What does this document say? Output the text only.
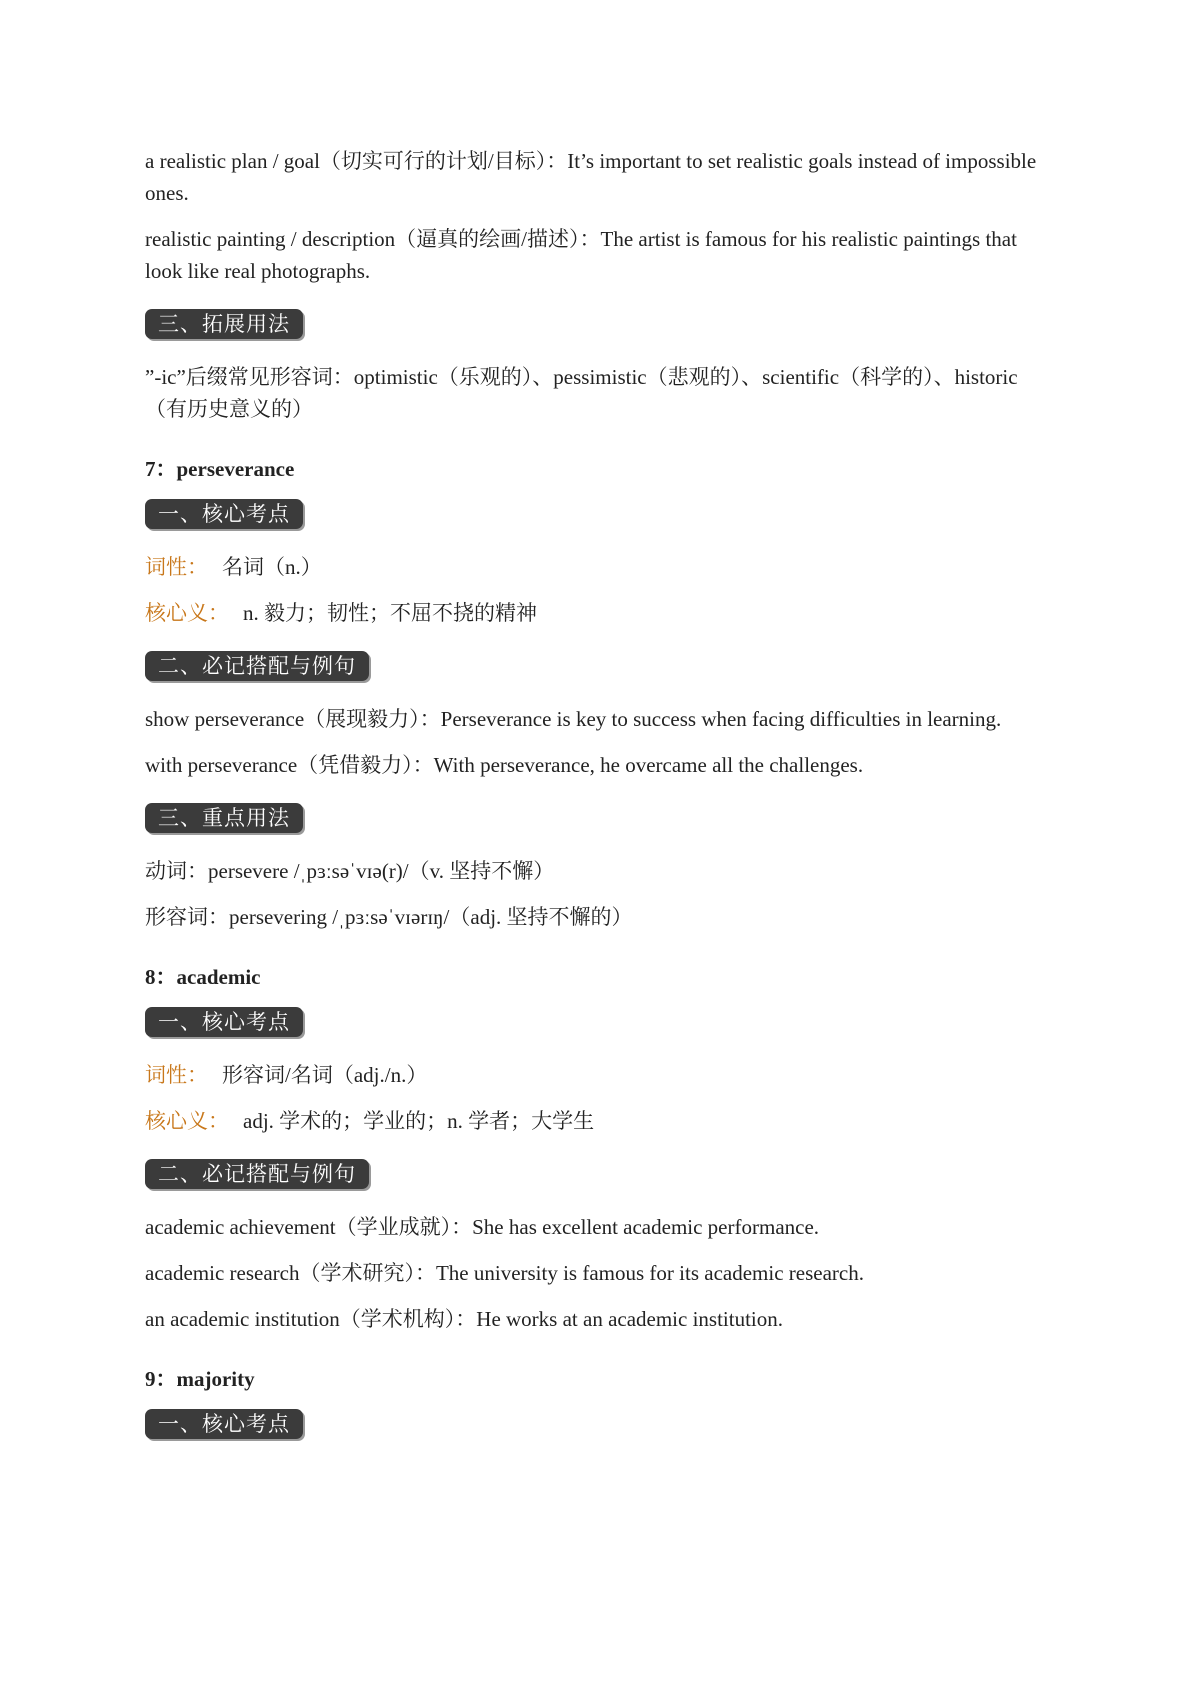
a realistic plan / goal（切实可行的计划/目标）：It’s important to set realistic goals instead of impossible ones.

realistic painting / description（逼真的绘画/描述）：The artist is famous for his realistic paintings that look like real photographs.

三、拓展用法

”-ic”后缀常见形容词：optimistic（乐观的）、pessimistic（悲观的）、scientific（科学的）、historic（有历史意义的）

7：perseverance

一、核心考点

词性： 名词（n.）

核心义： n. 毅力；韧性；不屈不挠的精神

二、必记搭配与例句

show perseverance（展现毅力）：Perseverance is key to success when facing difficulties in learning.

with perseverance（凭借毅力）：With perseverance, he overcame all the challenges.

三、重点用法

动词：persevere /ˌpɜːsəˈvɪə(r)/（v. 坚持不懈）

形容词：persevering /ˌpɜːsəˈvɪərɪŋ/（adj. 坚持不懈的）

8：academic

一、核心考点

词性： 形容词/名词（adj./n.）

核心义： adj. 学术的；学业的；n. 学者；大学生

二、必记搭配与例句

academic achievement（学业成就）：She has excellent academic performance.

academic research（学术研究）：The university is famous for its academic research.

an academic institution（学术机构）：He works at an academic institution.

9：majority

一、核心考点
